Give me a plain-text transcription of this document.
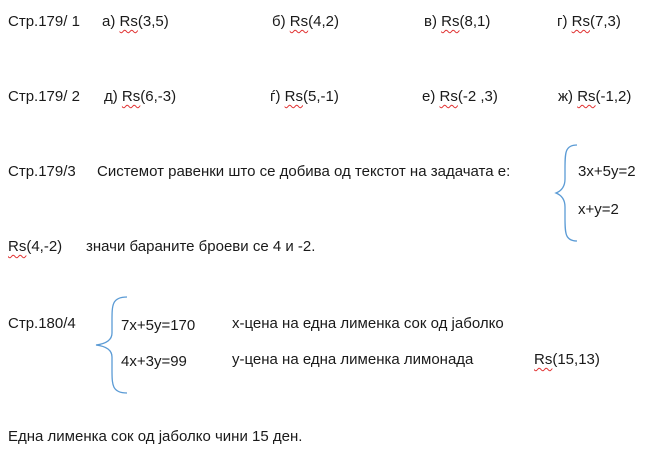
Стр.179/ 1 а) Rs(3,5)	б) Rs(4,2)	в) Rs(8,1)	г) Rs(7,3)
Стр.179/ 2 д) Rs(6,-3)	ѓ) Rs(5,-1)	е) Rs(-2 ,3)	ж) Rs(-1,2)
Стр.179/3 Системот равенки што се добива од текстот на задачата е:	3x+5y=2
x+y=2
Rs(4,-2) значи бараните броеви се 4 и -2.
Стр.180/4	7x+5y=170
4x+3y=99
x-цена на една лименка сок од јаболко
y-цена на една лименка лимонада	Rs(15,13)
Една лименка сок од јаболко чини 15 ден.
